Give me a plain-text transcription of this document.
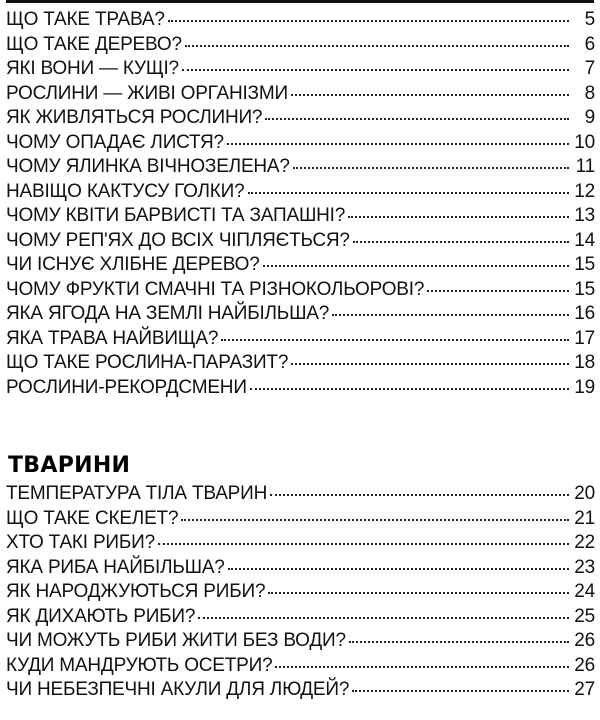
ЩО ТАКЕ ТРАВА?	5
ЩО ТАКЕ ДЕРЕВО?	6
ЯКІ ВОНИ — КУЩІ?	7
РОСЛИНИ — ЖИВІ ОРГАНІЗМИ	8
ЯК ЖИВЛЯТЬСЯ РОСЛИНИ?	9
ЧОМУ ОПАДАЄ ЛИСТЯ?	10
ЧОМУ ЯЛИНКА ВІЧНОЗЕЛЕНА?	11
НАВІЩО КАКТУСУ ГОЛКИ?	12
ЧОМУ КВІТИ БАРВИСТІ ТА ЗАПАШНІ?	13
ЧОМУ РЕП'ЯХ ДО ВСІХ ЧІПЛЯЄТЬСЯ?	14
ЧИ ІСНУЄ ХЛІБНЕ ДЕРЕВО?	15
ЧОМУ ФРУКТИ СМАЧНІ ТА РІЗНОКОЛЬОРОВІ?	15
ЯКА ЯГОДА НА ЗЕМЛІ НАЙБІЛЬША?	16
ЯКА ТРАВА НАЙВИЩА?	17
ЩО ТАКЕ РОСЛИНА-ПАРАЗИТ?	18
РОСЛИНИ-РЕКОРДСМЕНИ	19
ТВАРИНИ
ТЕМПЕРАТУРА ТІЛА ТВАРИН	20
ЩО ТАКЕ СКЕЛЕТ?	21
ХТО ТАКІ РИБИ?	22
ЯКА РИБА НАЙБІЛЬША?	23
ЯК НАРОДЖУЮТЬСЯ РИБИ?	24
ЯК ДИХАЮТЬ РИБИ?	25
ЧИ МОЖУТЬ РИБИ ЖИТИ БЕЗ ВОДИ?	26
КУДИ МАНДРУЮТЬ ОСЕТРИ?	26
ЧИ НЕБЕЗПЕЧНІ АКУЛИ ДЛЯ ЛЮДЕЙ?	27
